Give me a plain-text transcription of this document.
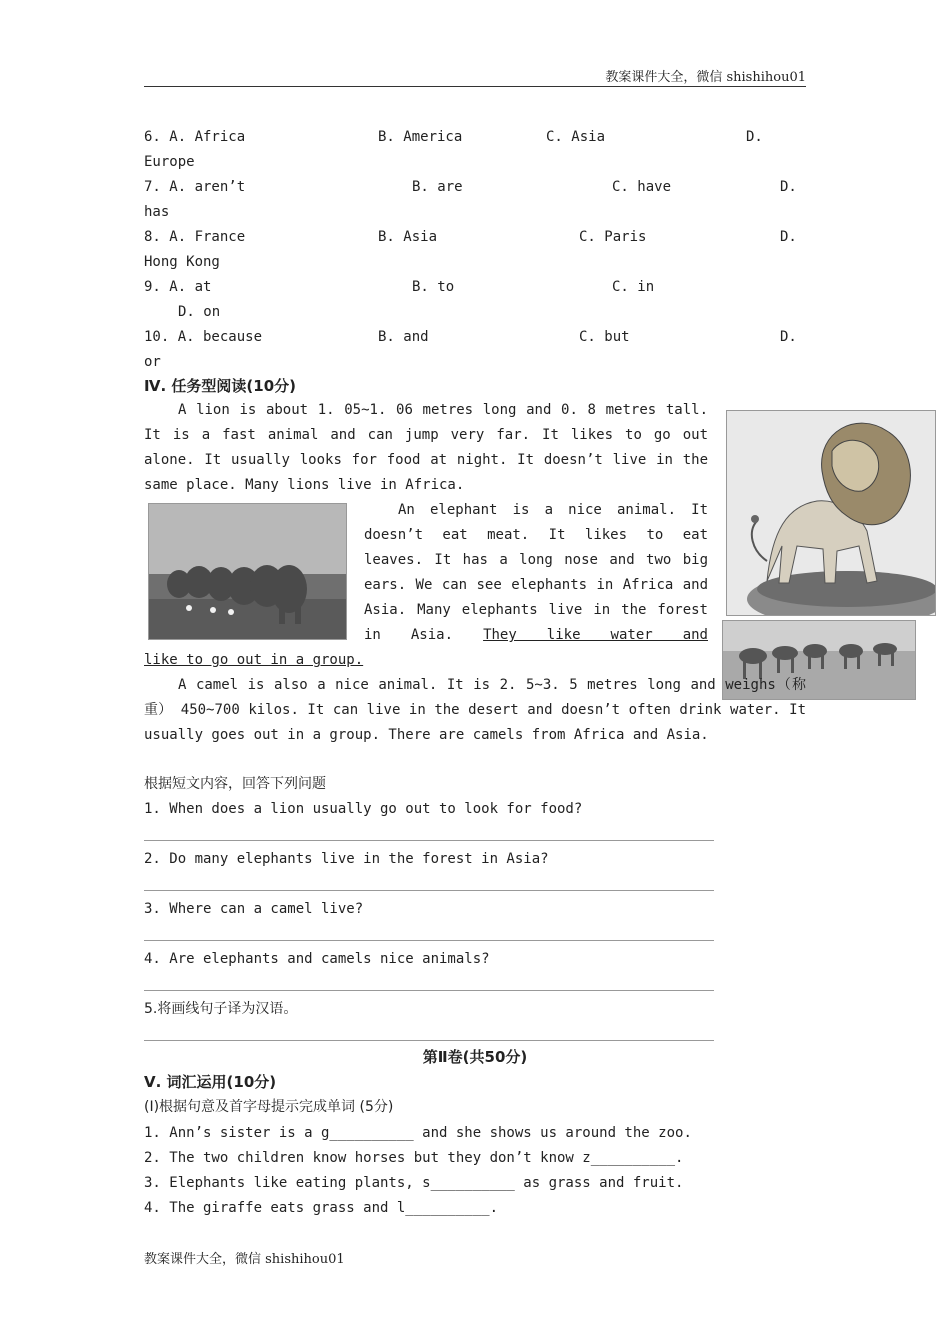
教案课件大全，微信 shishihou01
6. A. Africa	B. America	C. Asia	D.
Europe
7. A. aren’t	B. are	C. have	D.
has
8. A. France	B. Asia	C. Paris	D.
Hong Kong
9. A. at	B. to	C. in
D. on
10. A. because	B. and	C. but	D.
or
Ⅳ. 任务型阅读(10分)
A lion is about 1. 05~1. 06 metres long and 0. 8 metres tall. It is a fast animal and can jump very far. It likes to go out alone. It usually looks for food at night. It doesn’t live in the same place. Many lions live in Africa.

An elephant is a nice animal. It doesn’t eat meat. It likes to eat leaves. It has a long nose and two big ears. We can see elephants in Africa and Asia. Many elephants live in the forest in Asia. They like water and

like to go out in a group.
A camel is also a nice animal. It is 2. 5~3. 5 metres long and weighs（称重） 450~700 kilos. It can live in the desert and doesn’t often drink water. It usually goes out in a group. There are camels from Africa and Asia.
根据短文内容，回答下列问题
1. When does a lion usually go out to look for food?
2. Do many elephants live in the forest in Asia?
3. Where can a camel live?
4. Are elephants and camels nice animals?
5.将画线句子译为汉语。
第Ⅱ卷(共50分)
Ⅴ. 词汇运用(10分)
(Ⅰ)根据句意及首字母提示完成单词 (5分)
1. Ann’s sister is a g__________ and she shows us around the zoo.
2. The two children know horses but they don’t know z__________.
3. Elephants like eating plants, s__________ as grass and fruit.
4. The giraffe eats grass and l__________.
教案课件大全，微信 shishihou01
